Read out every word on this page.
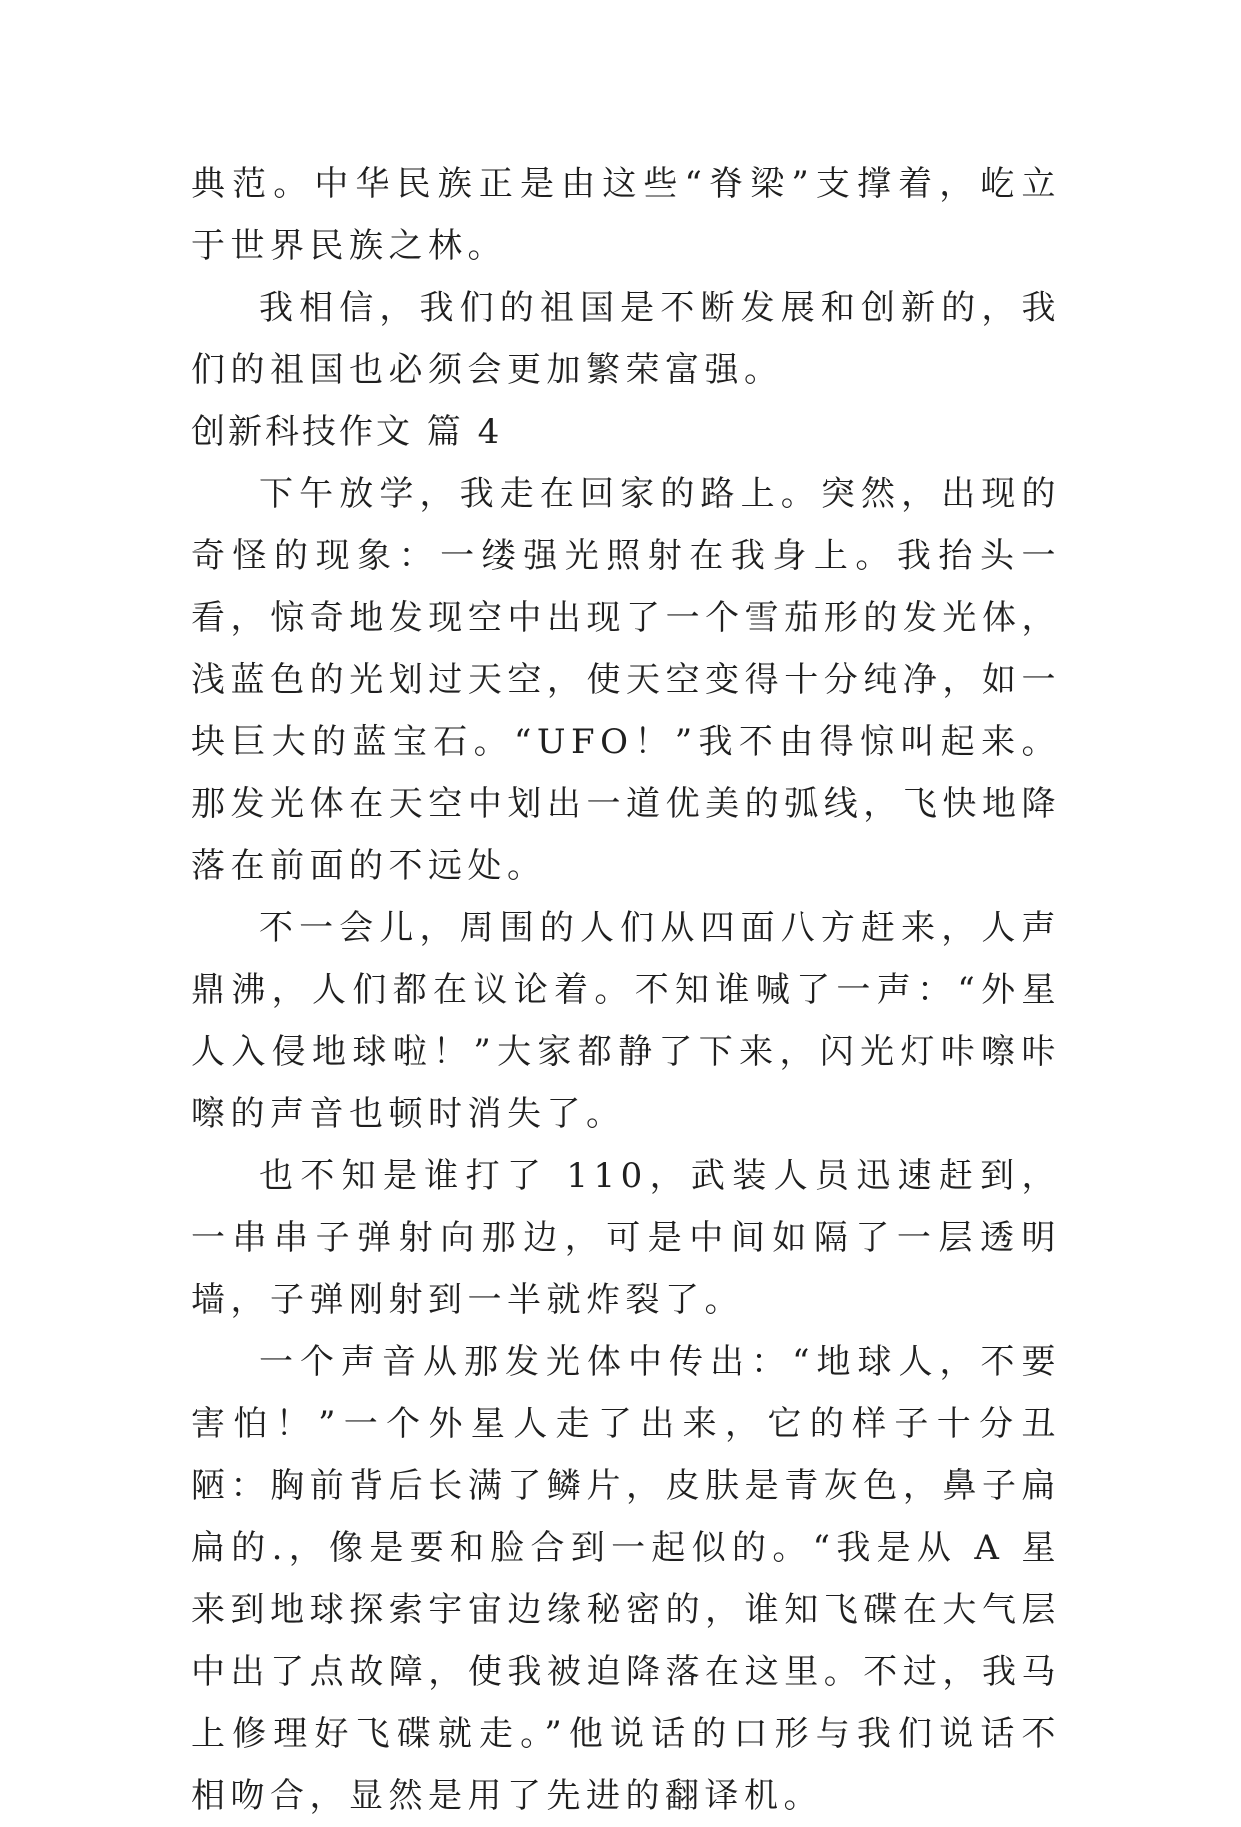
典范。中华民族正是由这些“脊梁”支撑着，屹立于世界民族之林。

我相信，我们的祖国是不断发展和创新的，我们的祖国也必须会更加繁荣富强。

创新科技作文 篇 4

下午放学，我走在回家的路上。突然，出现的奇怪的现象：一缕强光照射在我身上。我抬头一看，惊奇地发现空中出现了一个雪茄形的发光体，浅蓝色的光划过天空，使天空变得十分纯净，如一块巨大的蓝宝石。“UFO！”我不由得惊叫起来。那发光体在天空中划出一道优美的弧线，飞快地降落在前面的不远处。

不一会儿，周围的人们从四面八方赶来，人声鼎沸，人们都在议论着。不知谁喊了一声：“外星人入侵地球啦！”大家都静了下来，闪光灯咔嚓咔嚓的声音也顿时消失了。

也不知是谁打了 110，武装人员迅速赶到，一串串子弹射向那边，可是中间如隔了一层透明墙，子弹刚射到一半就炸裂了。

一个声音从那发光体中传出：“地球人，不要害怕！”一个外星人走了出来，它的样子十分丑陋：胸前背后长满了鳞片，皮肤是青灰色，鼻子扁扁的.，像是要和脸合到一起似的。“我是从 A 星来到地球探索宇宙边缘秘密的，谁知飞碟在大气层中出了点故障，使我被迫降落在这里。不过，我马上修理好飞碟就走。”他说话的口形与我们说话不相吻合，显然是用了先进的翻译机。
